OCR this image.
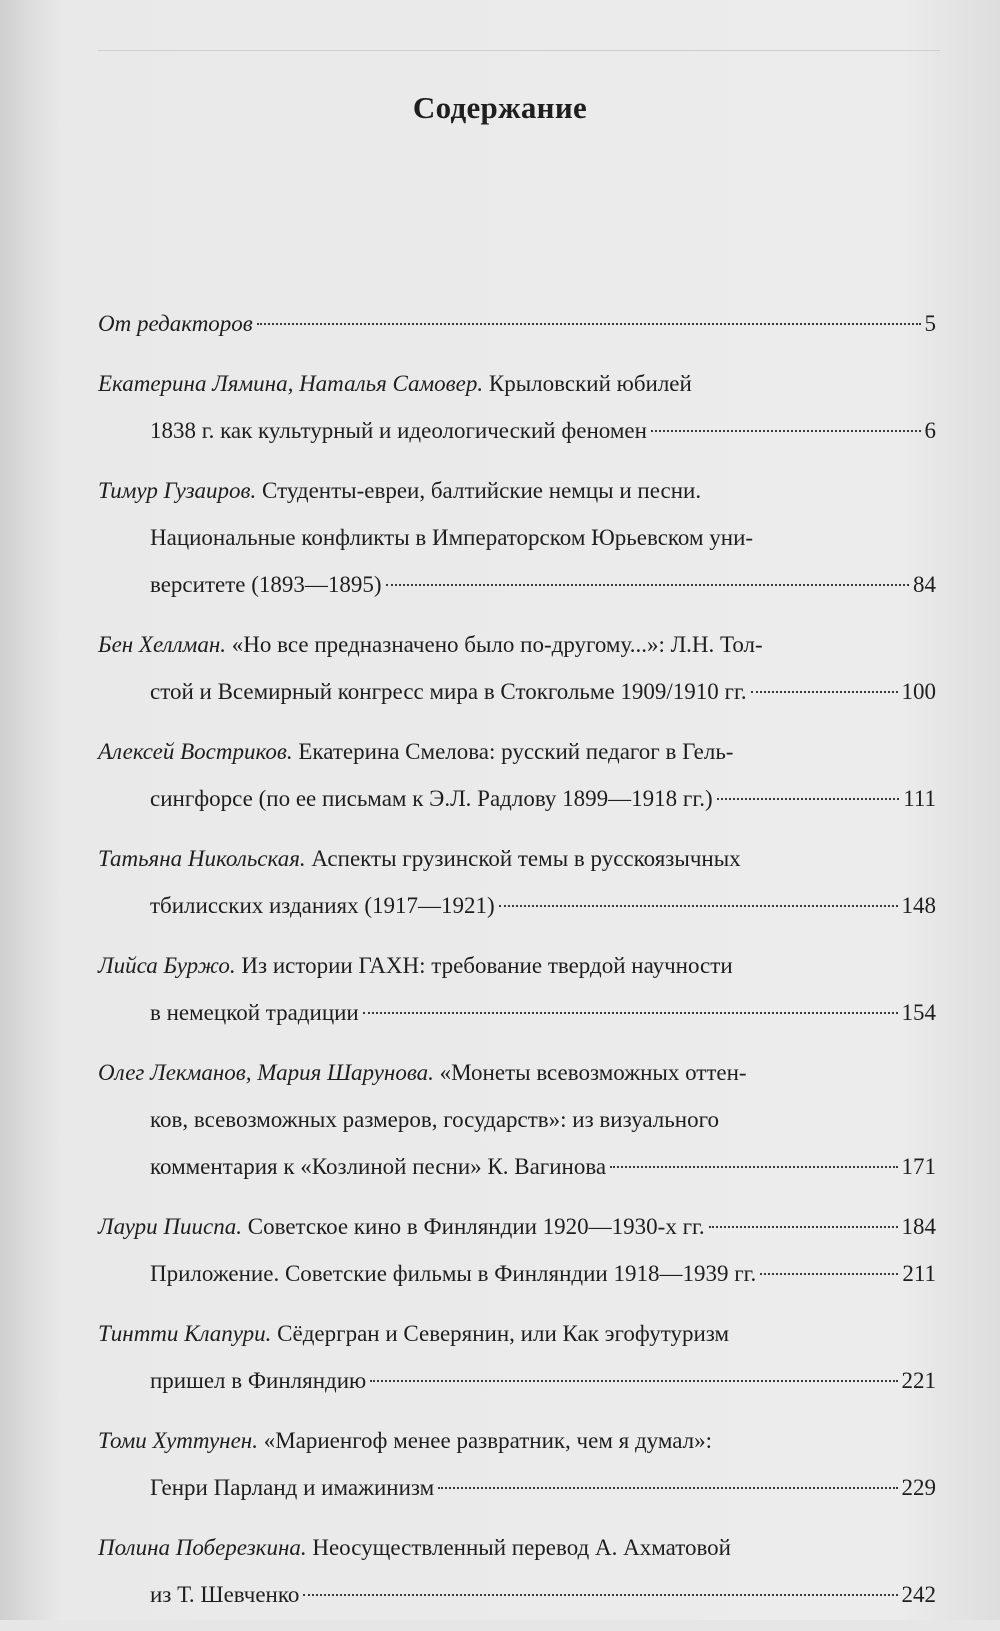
Содержание
От редакторов	5
Екатерина Лямина, Наталья Самовер. Крыловский юбилей
1838 г. как культурный и идеологический феномен	6
Тимур Гузаиров. Студенты-евреи, балтийские немцы и песни.
Национальные конфликты в Императорском Юрьевском уни-
верситете (1893—1895)	84
Бен Хеллман. «Но все предназначено было по-другому...»: Л.Н. Тол-
стой и Всемирный конгресс мира в Стокгольме 1909/1910 гг.	100
Алексей Востриков. Екатерина Смелова: русский педагог в Гель-
сингфорсе (по ее письмам к Э.Л. Радлову 1899—1918 гг.)	111
Татьяна Никольская. Аспекты грузинской темы в русскоязычных
тбилисских изданиях (1917—1921)	148
Лийса Буржо. Из истории ГАХН: требование твердой научности
в немецкой традиции	154
Олег Лекманов, Мария Шарунова. «Монеты всевозможных оттен-
ков, всевозможных размеров, государств»: из визуального
комментария к «Козлиной песни» К. Вагинова	171
Лаури Пииспа. Советское кино в Финляндии 1920—1930-х гг.	184
Приложение. Советские фильмы в Финляндии 1918—1939 гг.	211
Tинтти Клапури. Сёдергран и Северянин, или Как эгофутуризм
пришел в Финляндию	221
Томи Хуттунен. «Мариенгоф менее развратник, чем я думал»:
Генри Парланд и имажинизм	229
Полина Поберезкина. Неосуществленный перевод А. Ахматовой
из Т. Шевченко	242
